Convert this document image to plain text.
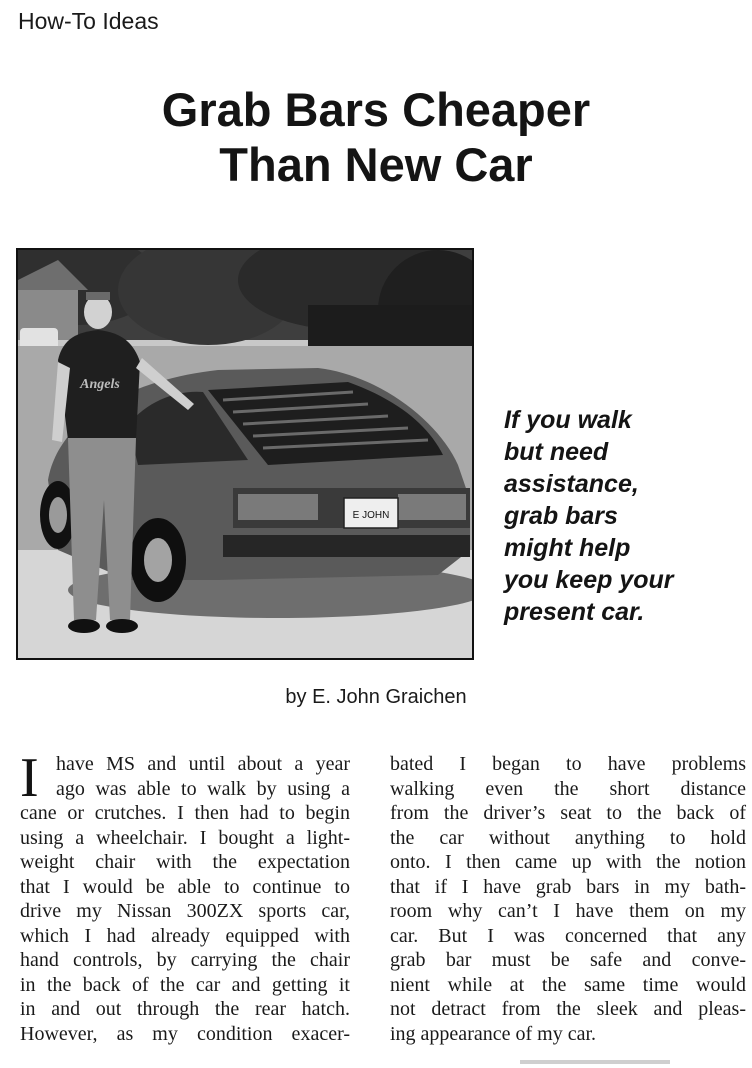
How-To Ideas
Grab Bars Cheaper
Than New Car
E JOHN
Angels
If you walk
but need
assistance,
grab bars
might help
you keep your
present car.
by E. John Graichen
I have MS and until about a year
ago was able to walk by using a
cane or crutches. I then had to begin
using a wheelchair. I bought a light-
weight chair with the expectation
that I would be able to continue to
drive my Nissan 300ZX sports car,
which I had already equipped with
hand controls, by carrying the chair
in the back of the car and getting it
in and out through the rear hatch.
However, as my condition exacer-
bated I began to have problems
walking even the short distance
from the driver’s seat to the back of
the car without anything to hold
onto. I then came up with the notion
that if I have grab bars in my bath-
room why can’t I have them on my
car. But I was concerned that any
grab bar must be safe and conve-
nient while at the same time would
not detract from the sleek and pleas-
ing appearance of my car.
